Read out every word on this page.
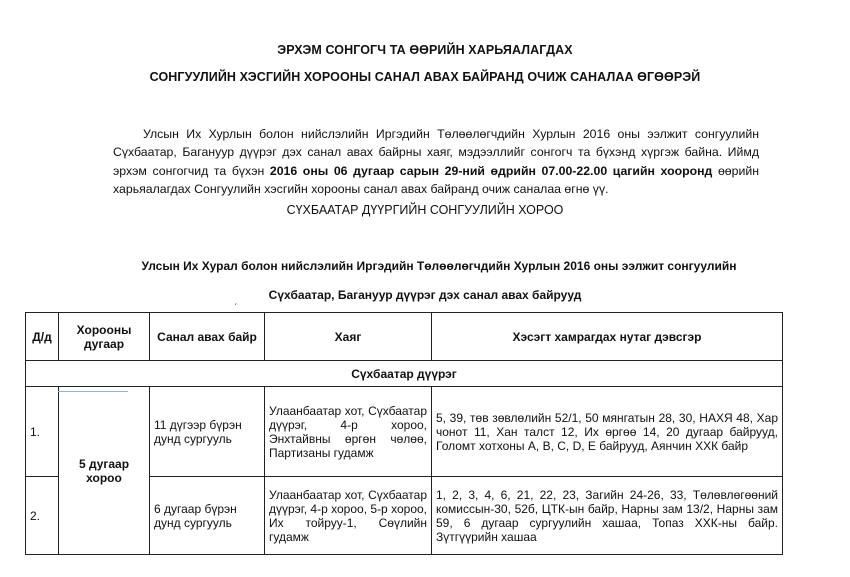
ЭРХЭМ СОНГОГЧ ТА ӨӨРИЙН ХАРЬЯАЛАГДАХ
СОНГУУЛИЙН ХЭСГИЙН ХОРООНЫ САНАЛ АВАХ БАЙРАНД ОЧИЖ САНАЛАА ӨГӨӨРЭЙ
Улсын Их Хурлын болон нийслэлийн Иргэдийн Төлөөлөгчдийн Хурлын 2016 оны ээлжит сонгуулийн Сүхбаатар, Багануур дүүрэг дэх санал авах байрны хаяг, мэдээллийг сонгогч та бүхэнд хүргэж байна. Иймд эрхэм сонгогчид та бүхэн 2016 оны 06 дугаар сарын 29-ний өдрийн 07.00-22.00 цагийн хооронд өөрийн харьяалагдах Сонгуулийн хэсгийн хорооны санал авах байранд очиж саналаа өгнө үү.
СҮХБААТАР ДҮҮРГИЙН СОНГУУЛИЙН ХОРОО
Улсын Их Хурал болон нийслэлийн Иргэдийн Төлөөлөгчдийн Хурлын 2016 оны ээлжит сонгуулийн
Сүхбаатар, Багануур дүүрэг дэх санал авах байрууд
ˊ
Д/д	Хорооны дугаар	Санал авах байр	Хаяг	Хэсэгт хамрагдах нутаг дэвсгэр
Сүхбаатар дүүрэг				
1.	5 дугаар хороо	11 дүгээр бүрэн дунд сургууль	Улаанбаатар хот, Сүхбаатар дүүрэг, 4-р хороо, Энхтайвны өргөн чөлөө, Партизаны гудамж	5, 39, төв зөвлөлийн 52/1, 50 мянгатын 28, 30, НАХЯ 48, Хар чонот 11, Хан талст 12, Их өргөө 14, 20 дугаар байрууд, Голомт хотхоны А, В, С, D, Е байрууд, Аянчин ХХК байр
2.		6 дугаар бүрэн дунд сургууль	Улаанбаатар хот, Сүхбаатар дүүрэг, 4-р хороо, 5-р хороо, Их тойруу-1, Сөүлийн гудамж	1, 2, 3, 4, 6, 21, 22, 23, Загийн 24-26, 33, Төлөвлөгөөний комиссын-30, 52б, ЦТК-ын байр, Нарны зам 13/2, Нарны зам 59, 6 дугаар сургуулийн хашаа, Топаз ХХК-ны байр. Зүтгүүрийн хашаа
